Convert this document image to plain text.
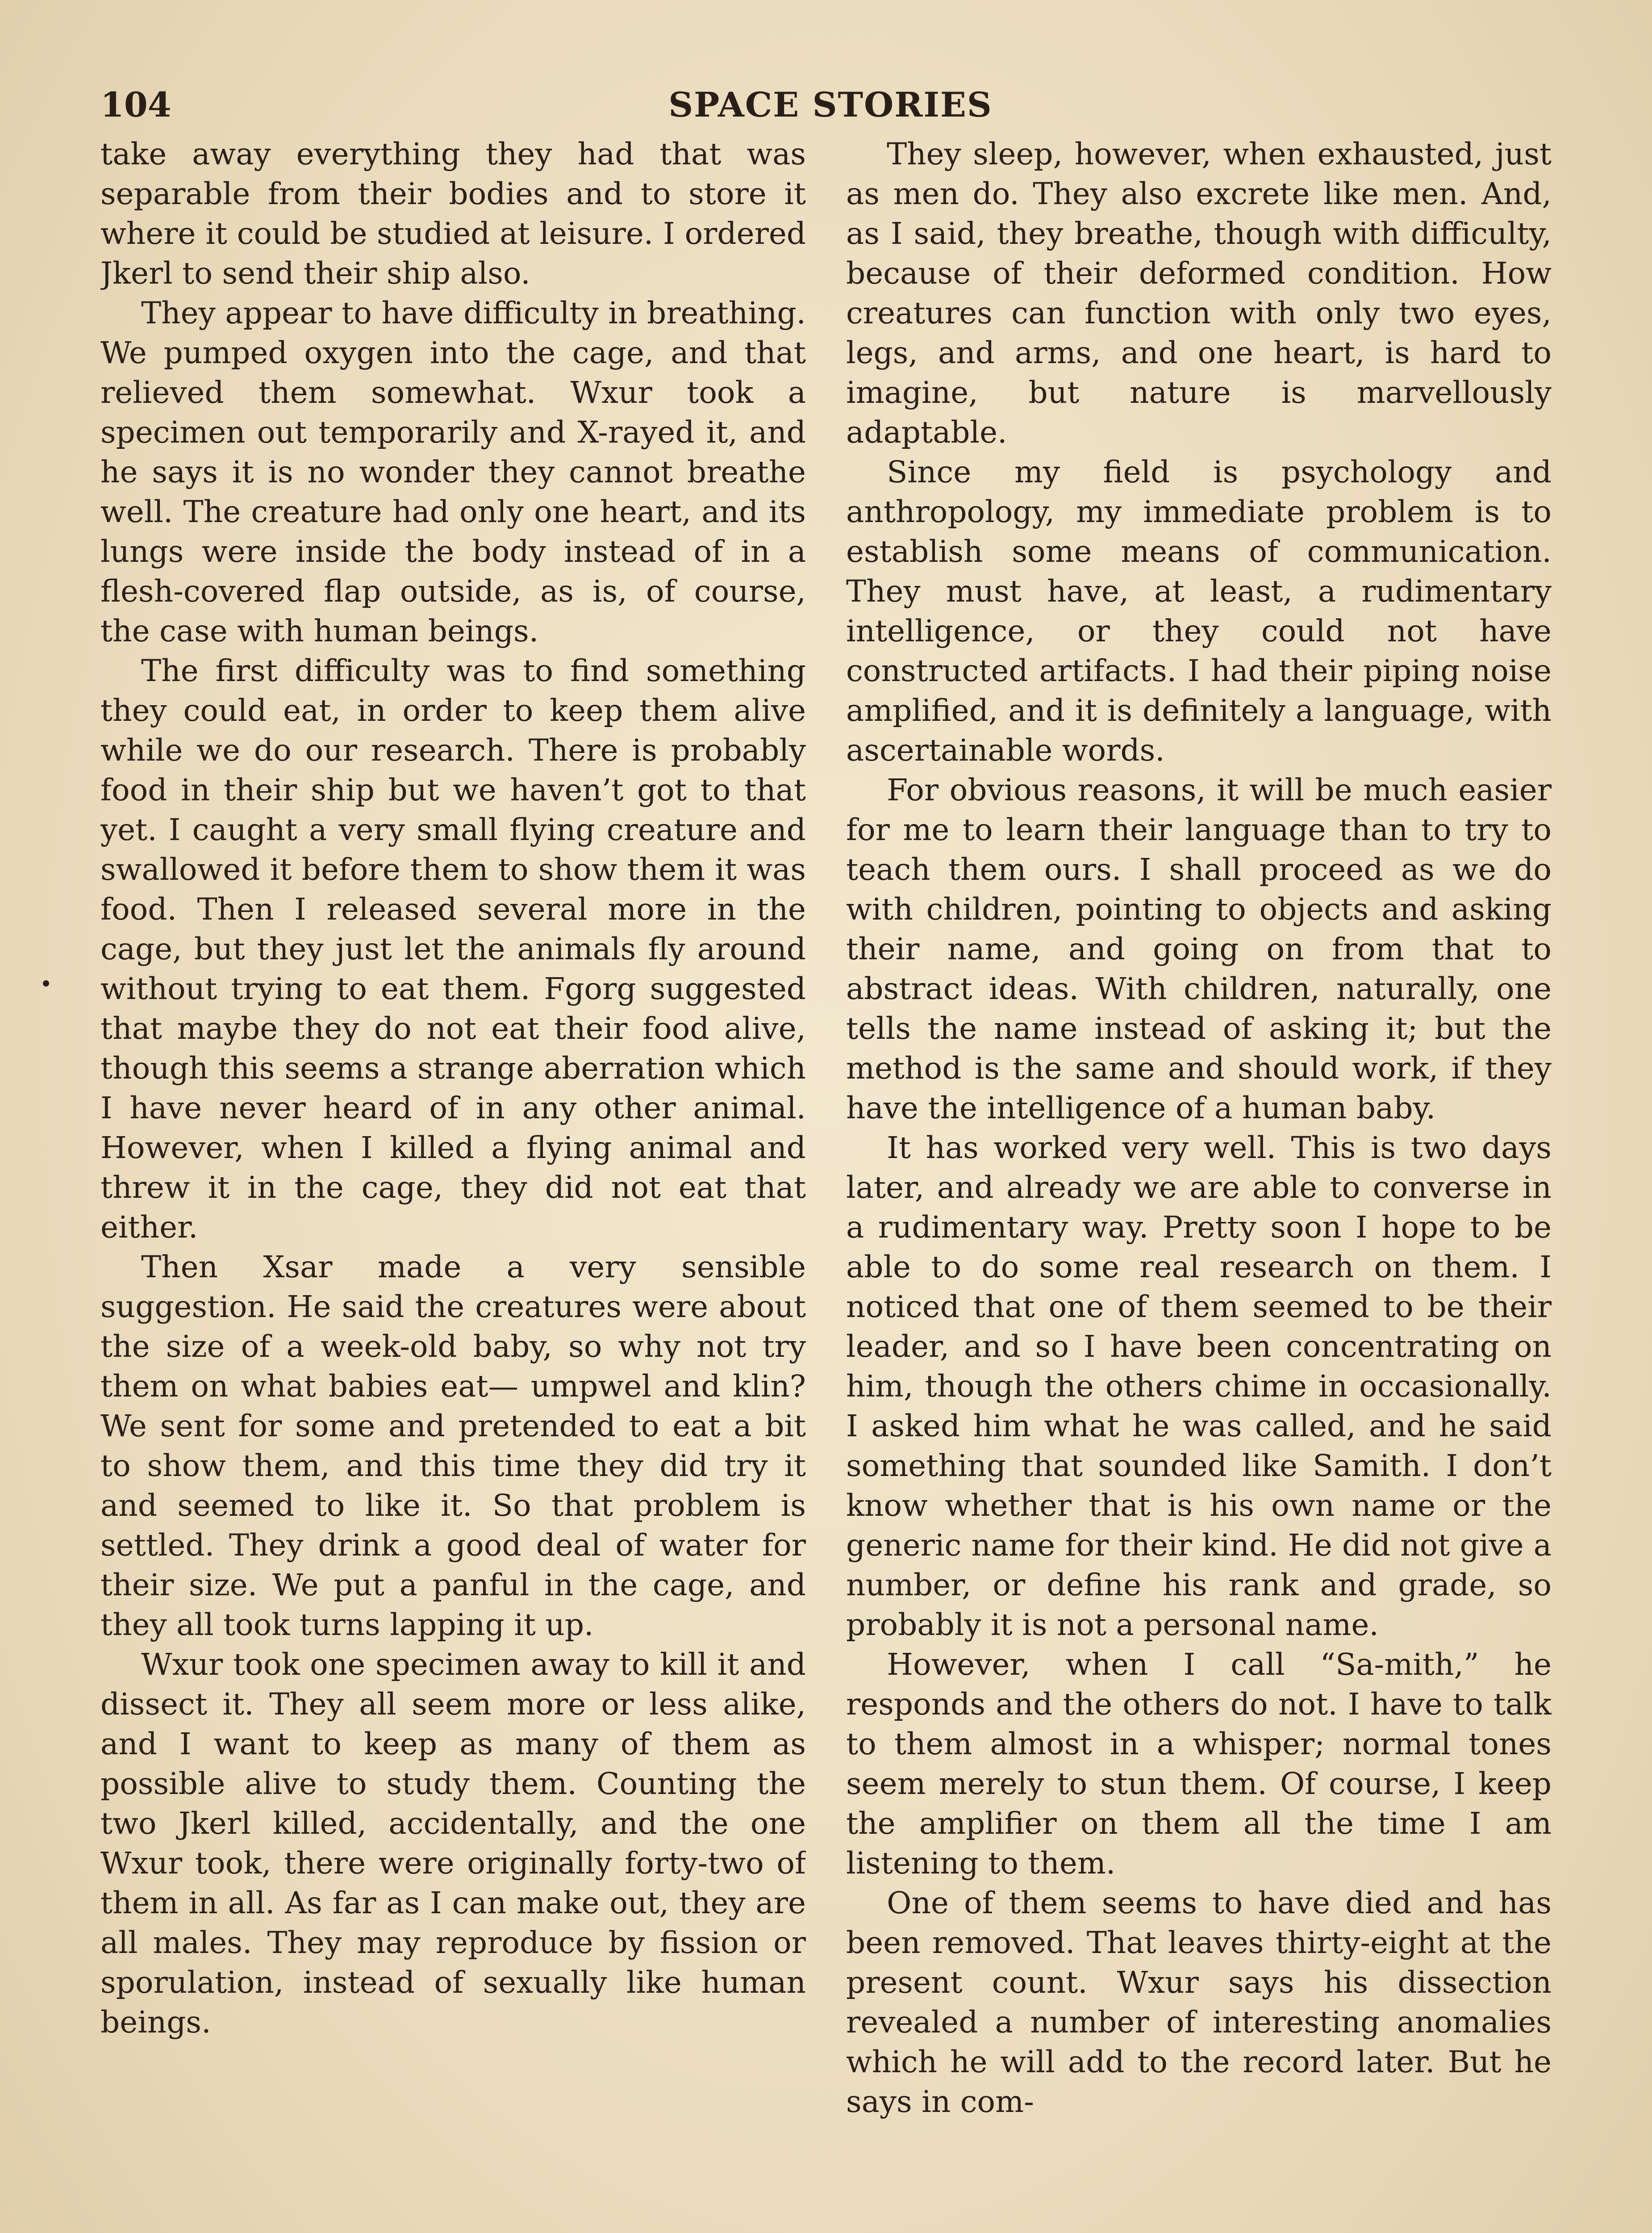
104	SPACE STORIES

take away everything they had that was separable from their bodies and to store it where it could be studied at leisure. I ordered Jkerl to send their ship also.

They appear to have difficulty in breathing. We pumped oxygen into the cage, and that relieved them somewhat. Wxur took a specimen out temporarily and X-rayed it, and he says it is no wonder they cannot breathe well. The creature had only one heart, and its lungs were inside the body instead of in a flesh-covered flap outside, as is, of course, the case with human beings.

The first difficulty was to find something they could eat, in order to keep them alive while we do our research. There is probably food in their ship but we haven’t got to that yet. I caught a very small flying creature and swallowed it before them to show them it was food. Then I released several more in the cage, but they just let the animals fly around without trying to eat them. Fgorg suggested that maybe they do not eat their food alive, though this seems a strange aberration which I have never heard of in any other animal. However, when I killed a flying animal and threw it in the cage, they did not eat that either.

Then Xsar made a very sensible suggestion. He said the creatures were about the size of a week-old baby, so why not try them on what babies eat— umpwel and klin? We sent for some and pretended to eat a bit to show them, and this time they did try it and seemed to like it. So that problem is settled. They drink a good deal of water for their size. We put a panful in the cage, and they all took turns lapping it up.

Wxur took one specimen away to kill it and dissect it. They all seem more or less alike, and I want to keep as many of them as possible alive to study them. Counting the two Jkerl killed, accidentally, and the one Wxur took, there were originally forty-two of them in all. As far as I can make out, they are all males. They may reproduce by fission or sporulation, instead of sexually like human beings.

They sleep, however, when exhausted, just as men do. They also excrete like men. And, as I said, they breathe, though with difficulty, because of their deformed condition. How creatures can function with only two eyes, legs, and arms, and one heart, is hard to imagine, but nature is marvellously adaptable.

Since my field is psychology and anthropology, my immediate problem is to establish some means of communication. They must have, at least, a rudimentary intelligence, or they could not have constructed artifacts. I had their piping noise amplified, and it is definitely a language, with ascertainable words.

For obvious reasons, it will be much easier for me to learn their language than to try to teach them ours. I shall proceed as we do with children, pointing to objects and asking their name, and going on from that to abstract ideas. With children, naturally, one tells the name instead of asking it; but the method is the same and should work, if they have the intelligence of a human baby.

It has worked very well. This is two days later, and already we are able to converse in a rudimentary way. Pretty soon I hope to be able to do some real research on them. I noticed that one of them seemed to be their leader, and so I have been concentrating on him, though the others chime in occasionally. I asked him what he was called, and he said something that sounded like Samith. I don’t know whether that is his own name or the generic name for their kind. He did not give a number, or define his rank and grade, so probably it is not a personal name.

However, when I call “Sa-mith,” he responds and the others do not. I have to talk to them almost in a whisper; normal tones seem merely to stun them. Of course, I keep the amplifier on them all the time I am listening to them.

One of them seems to have died and has been removed. That leaves thirty-eight at the present count. Wxur says his dissection revealed a number of interesting anomalies which he will add to the record later. But he says in com-
